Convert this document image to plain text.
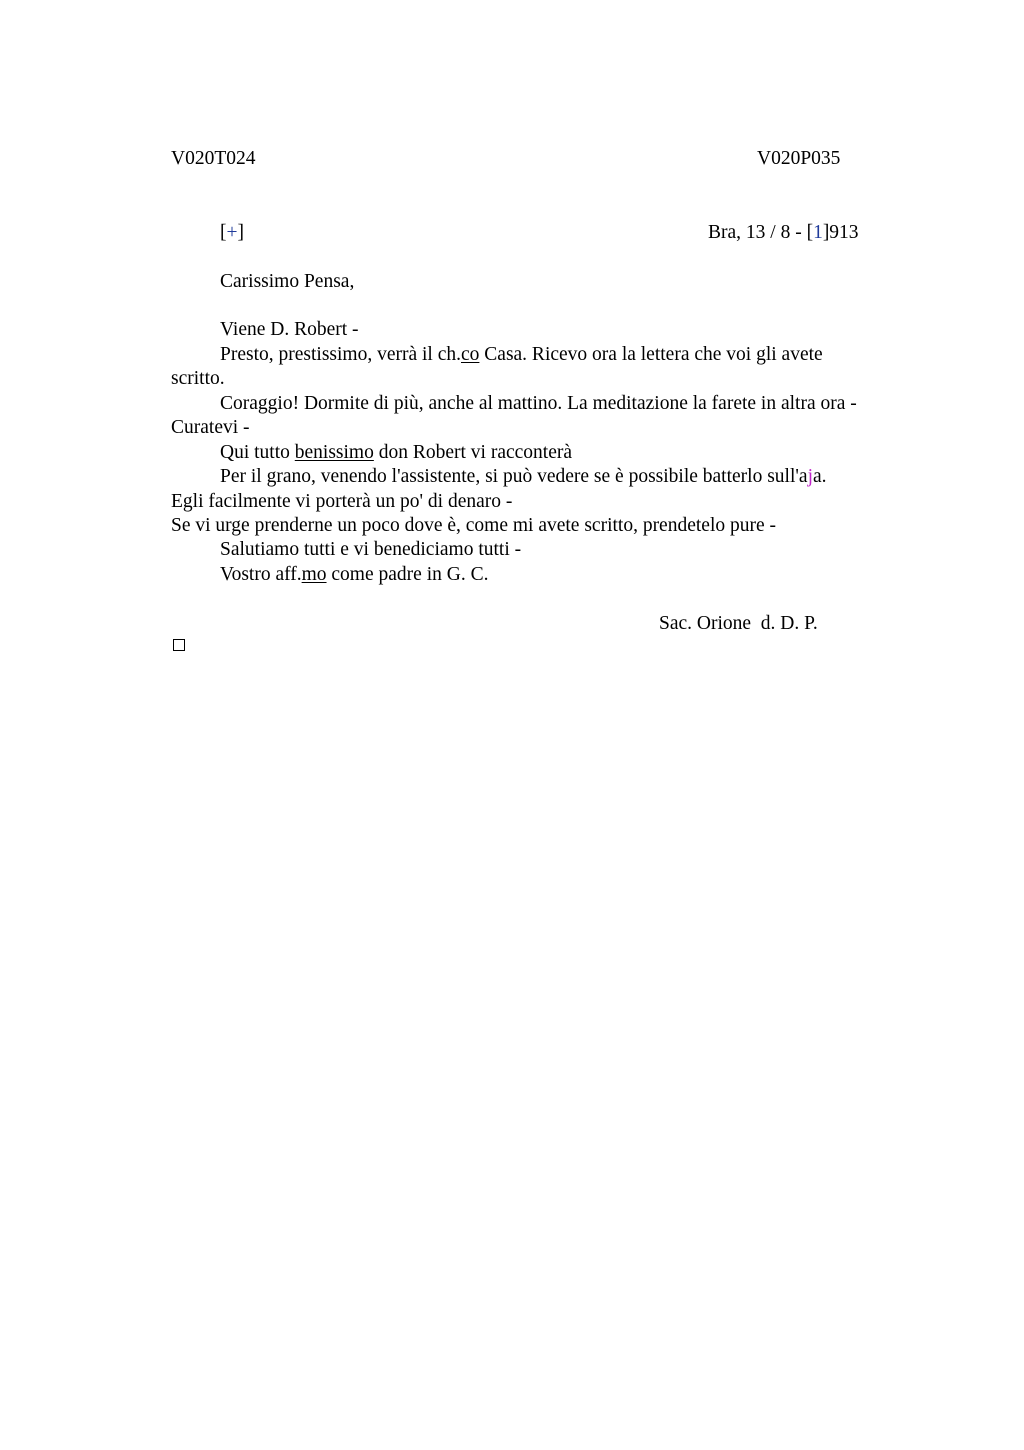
V020T024	V020P035
[+]	Bra, 13 / 8 - [1]913
Carissimo Pensa,
Viene D. Robert -
Presto, prestissimo, verrà il ch.co Casa. Ricevo ora la lettera che voi gli avete
scritto.
Coraggio! Dormite di più, anche al mattino. La meditazione la farete in altra ora -
Curatevi -
Qui tutto benissimo don Robert vi racconterà
Per il grano, venendo l'assistente, si può vedere se è possibile batterlo sull'aja.
Egli facilmente vi porterà un po' di denaro -
Se vi urge prenderne un poco dove è, come mi avete scritto, prendetelo pure -
Salutiamo tutti e vi benediciamo tutti -
Vostro aff.mo come padre in G. C.
Sac. Orione  d. D. P.
